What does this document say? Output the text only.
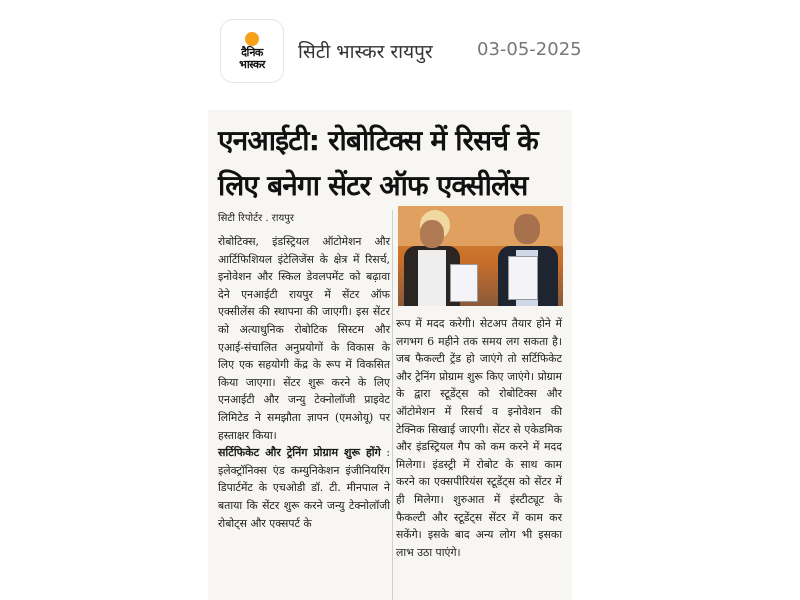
दैनिक
भास्कर
सिटी भास्कर रायपुर 03-05-2025
एनआईटी: रोबोटिक्स में रिसर्च के लिए बनेगा सेंटर ऑफ एक्सीलेंस
सिटी रिपोर्टर . रायपुर
रोबोटिक्स, इंडस्ट्रियल ऑटोमेशन और आर्टिफिशियल इंटेलिजेंस के क्षेत्र में रिसर्च, इनोवेशन और स्किल डेवलपमेंट को बढ़ावा देने एनआईटी रायपुर में सेंटर ऑफ एक्सीलेंस की स्थापना की जाएगी। इस सेंटर को अत्याधुनिक रोबोटिक सिस्टम और एआई-संचालित अनुप्रयोगों के विकास के लिए एक सहयोगी केंद्र के रूप में विकसित किया जाएगा। सेंटर शुरू करने के लिए एनआईटी और जन्यु टेक्नोलॉजी प्राइवेट लिमिटेड ने समझौता ज्ञापन (एमओयू) पर हस्ताक्षर किया।
सर्टिफिकेट और ट्रेनिंग प्रोग्राम शुरू होंगे : इलेक्ट्रॉनिक्स एंड कम्युनिकेशन इंजीनियरिंग डिपार्टमेंट के एचओडी डॉ. टी. मीनपाल ने बताया कि सेंटर शुरू करने जन्यु टेक्नोलॉजी रोबोट्स और एक्सपर्ट के
रूप में मदद करेगी। सेटअप तैयार होने में लगभग 6 महीने तक समय लग सकता है। जब फैकल्टी ट्रेंड हो जाएंगे तो सर्टिफिकेट और ट्रेनिंग प्रोग्राम शुरू किए जाएंगे। प्रोग्राम के द्वारा स्टूडेंट्स को रोबोटिक्स और ऑटोमेशन में रिसर्च व इनोवेशन की टेक्निक सिखाई जाएगी। सेंटर से एकेडमिक और इंडस्ट्रियल गैप को कम करने में मदद मिलेगा। इंडस्ट्री में रोबोट के साथ काम करने का एक्सपीरियंस स्टूडेंट्स को सेंटर में ही मिलेगा। शुरुआत में इंस्टीट्यूट के फैकल्टी और स्टूडेंट्स सेंटर में काम कर सकेंगे। इसके बाद अन्य लोग भी इसका लाभ उठा पाएंगे।
